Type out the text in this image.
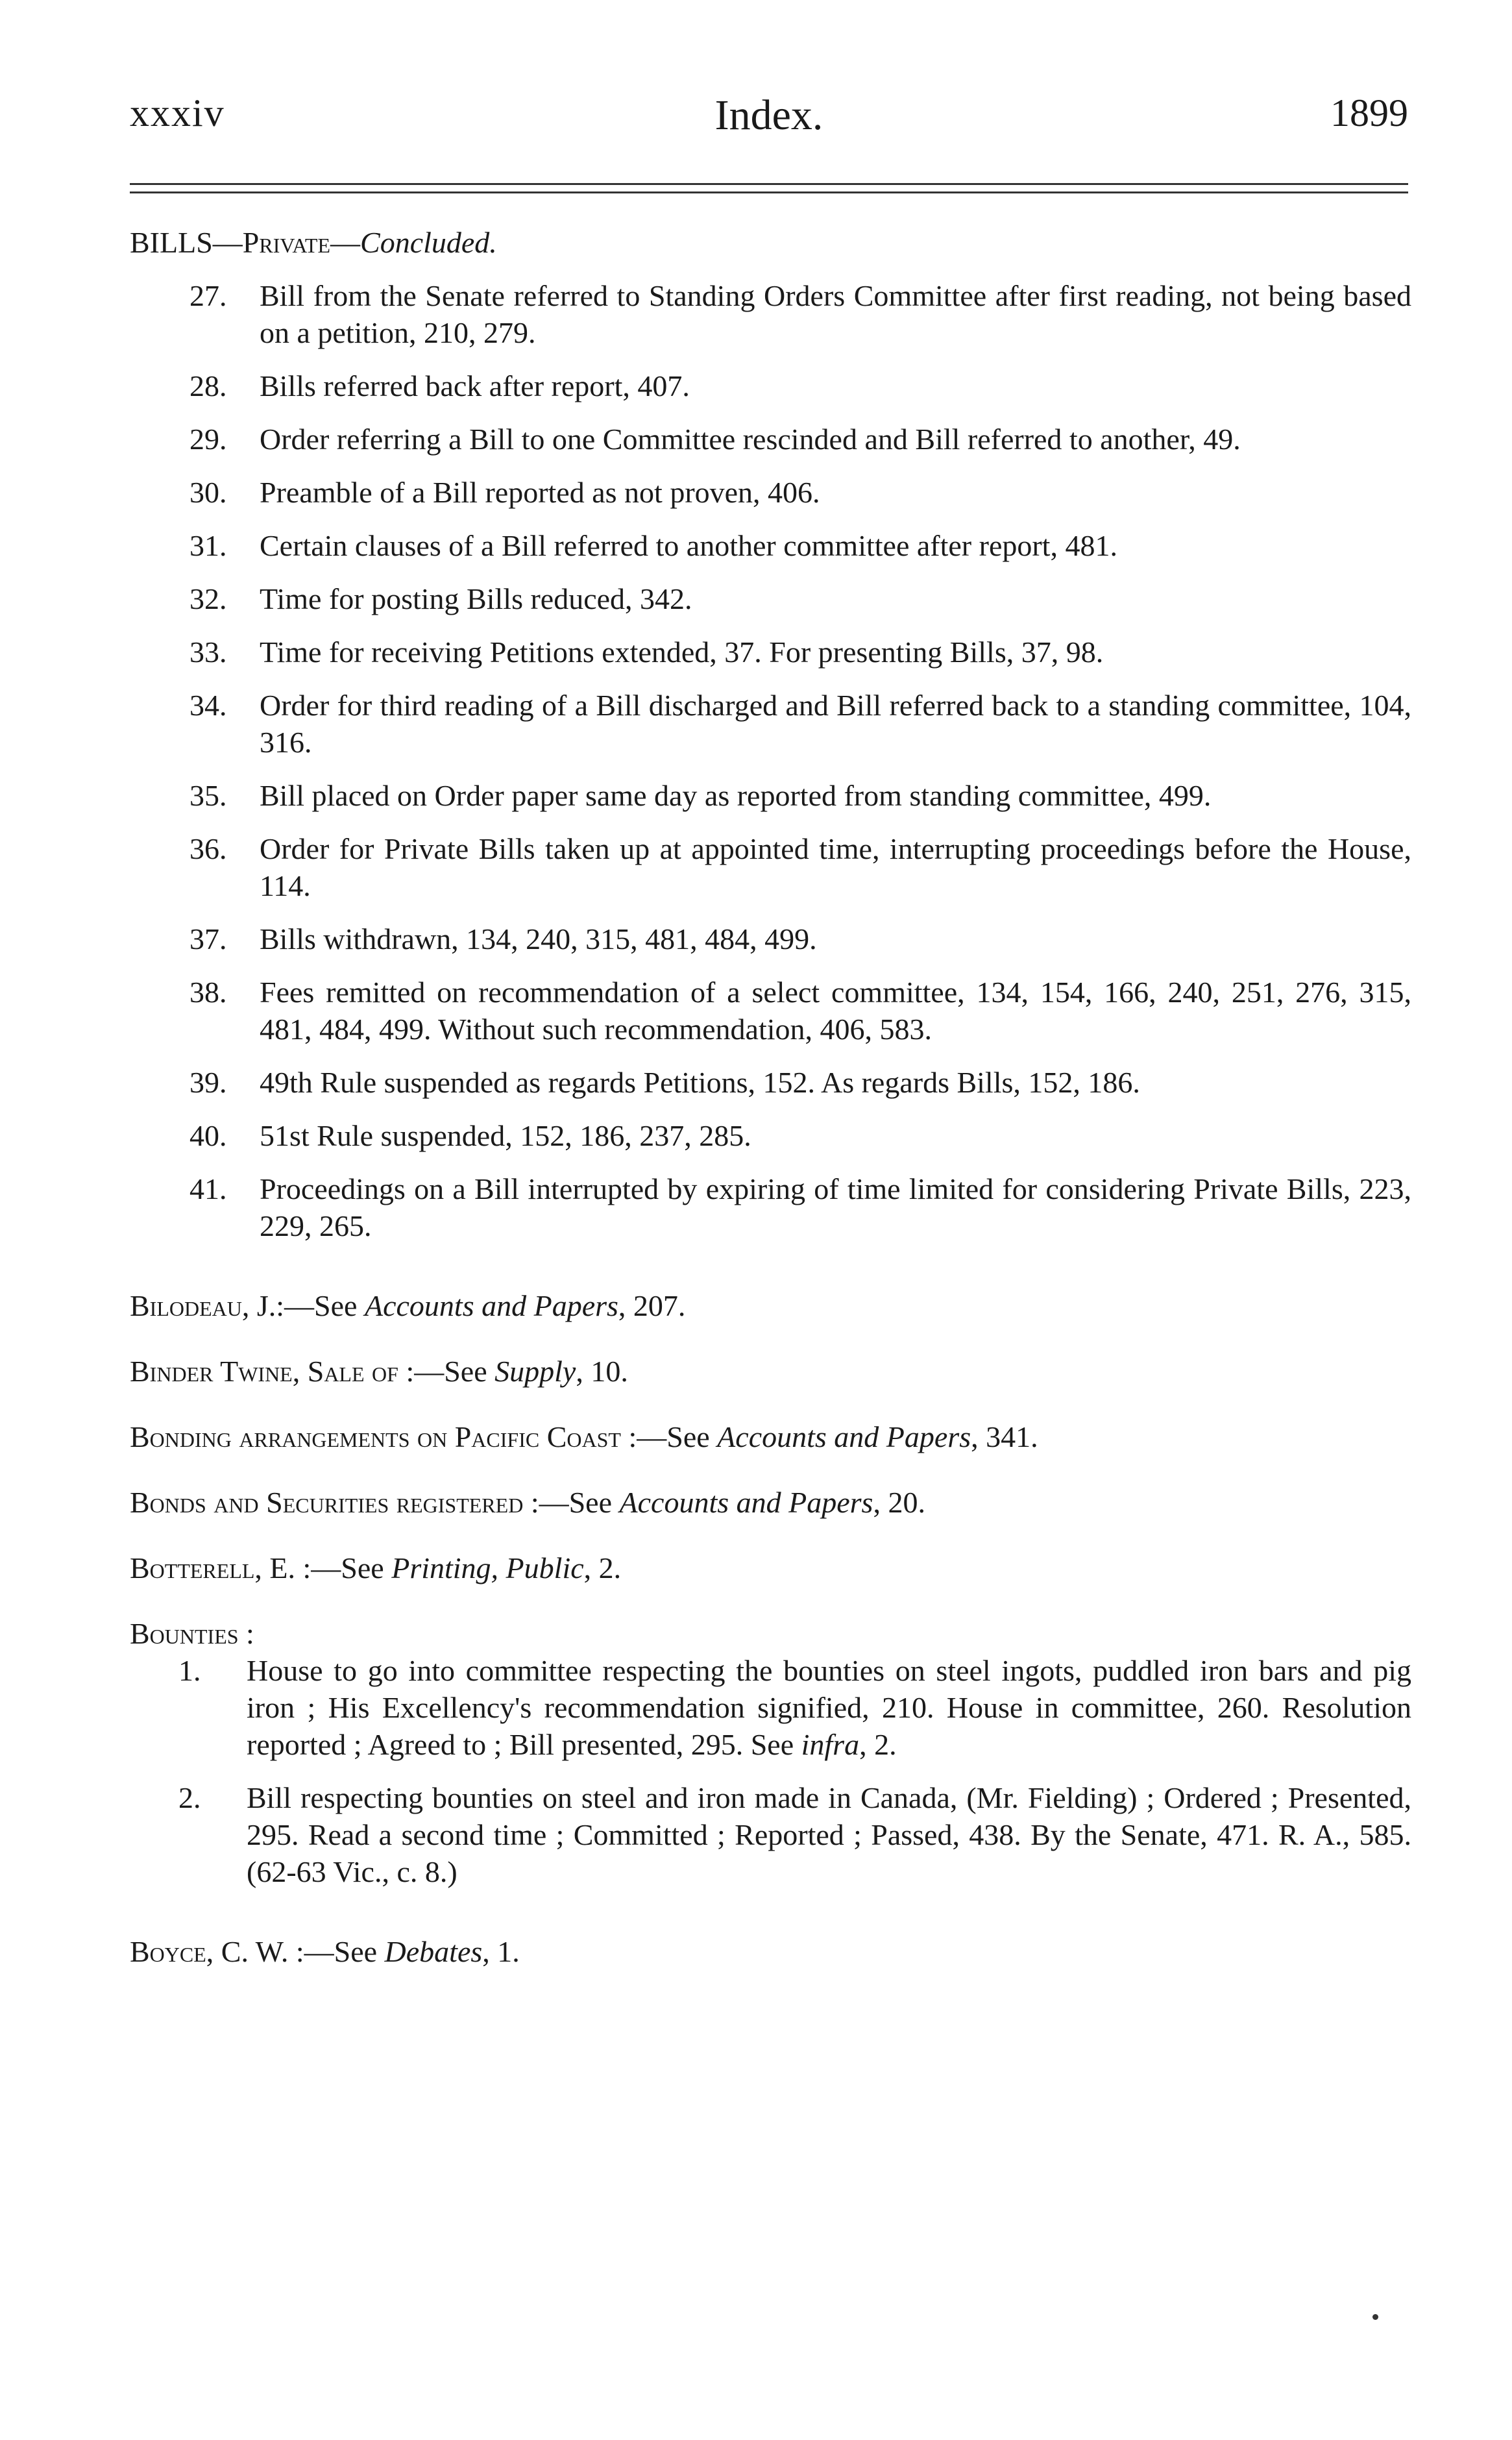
xxxiv	Index.	1899

BILLS—Private—Concluded.

27.	Bill from the Senate referred to Standing Orders Committee after first reading, not being based on a petition, 210, 279.
28.	Bills referred back after report, 407.
29.	Order referring a Bill to one Committee rescinded and Bill referred to another, 49.
30.	Preamble of a Bill reported as not proven, 406.
31.	Certain clauses of a Bill referred to another committee after report, 481.
32.	Time for posting Bills reduced, 342.
33.	Time for receiving Petitions extended, 37. For presenting Bills, 37, 98.
34.	Order for third reading of a Bill discharged and Bill referred back to a standing committee, 104, 316.
35.	Bill placed on Order paper same day as reported from standing committee, 499.
36.	Order for Private Bills taken up at appointed time, interrupting proceedings before the House, 114.
37.	Bills withdrawn, 134, 240, 315, 481, 484, 499.
38.	Fees remitted on recommendation of a select committee, 134, 154, 166, 240, 251, 276, 315, 481, 484, 499. Without such recommendation, 406, 583.
39.	49th Rule suspended as regards Petitions, 152. As regards Bills, 152, 186.
40.	51st Rule suspended, 152, 186, 237, 285.
41.	Proceedings on a Bill interrupted by expiring of time limited for considering Private Bills, 223, 229, 265.

Bilodeau, J.:—See Accounts and Papers, 207.

Binder Twine, Sale of :—See Supply, 10.

Bonding arrangements on Pacific Coast :—See Accounts and Papers, 341.

Bonds and Securities registered :—See Accounts and Papers, 20.

Botterell, E. :—See Printing, Public, 2.

Bounties :

1.	House to go into committee respecting the bounties on steel ingots, puddled iron bars and pig iron ; His Excellency's recommendation signified, 210. House in committee, 260. Resolution reported ; Agreed to ; Bill presented, 295. See infra, 2.
2.	Bill respecting bounties on steel and iron made in Canada, (Mr. Fielding) ; Ordered ; Presented, 295. Read a second time ; Committed ; Reported ; Passed, 438. By the Senate, 471. R. A., 585. (62-63 Vic., c. 8.)

Boyce, C. W. :—See Debates, 1.
